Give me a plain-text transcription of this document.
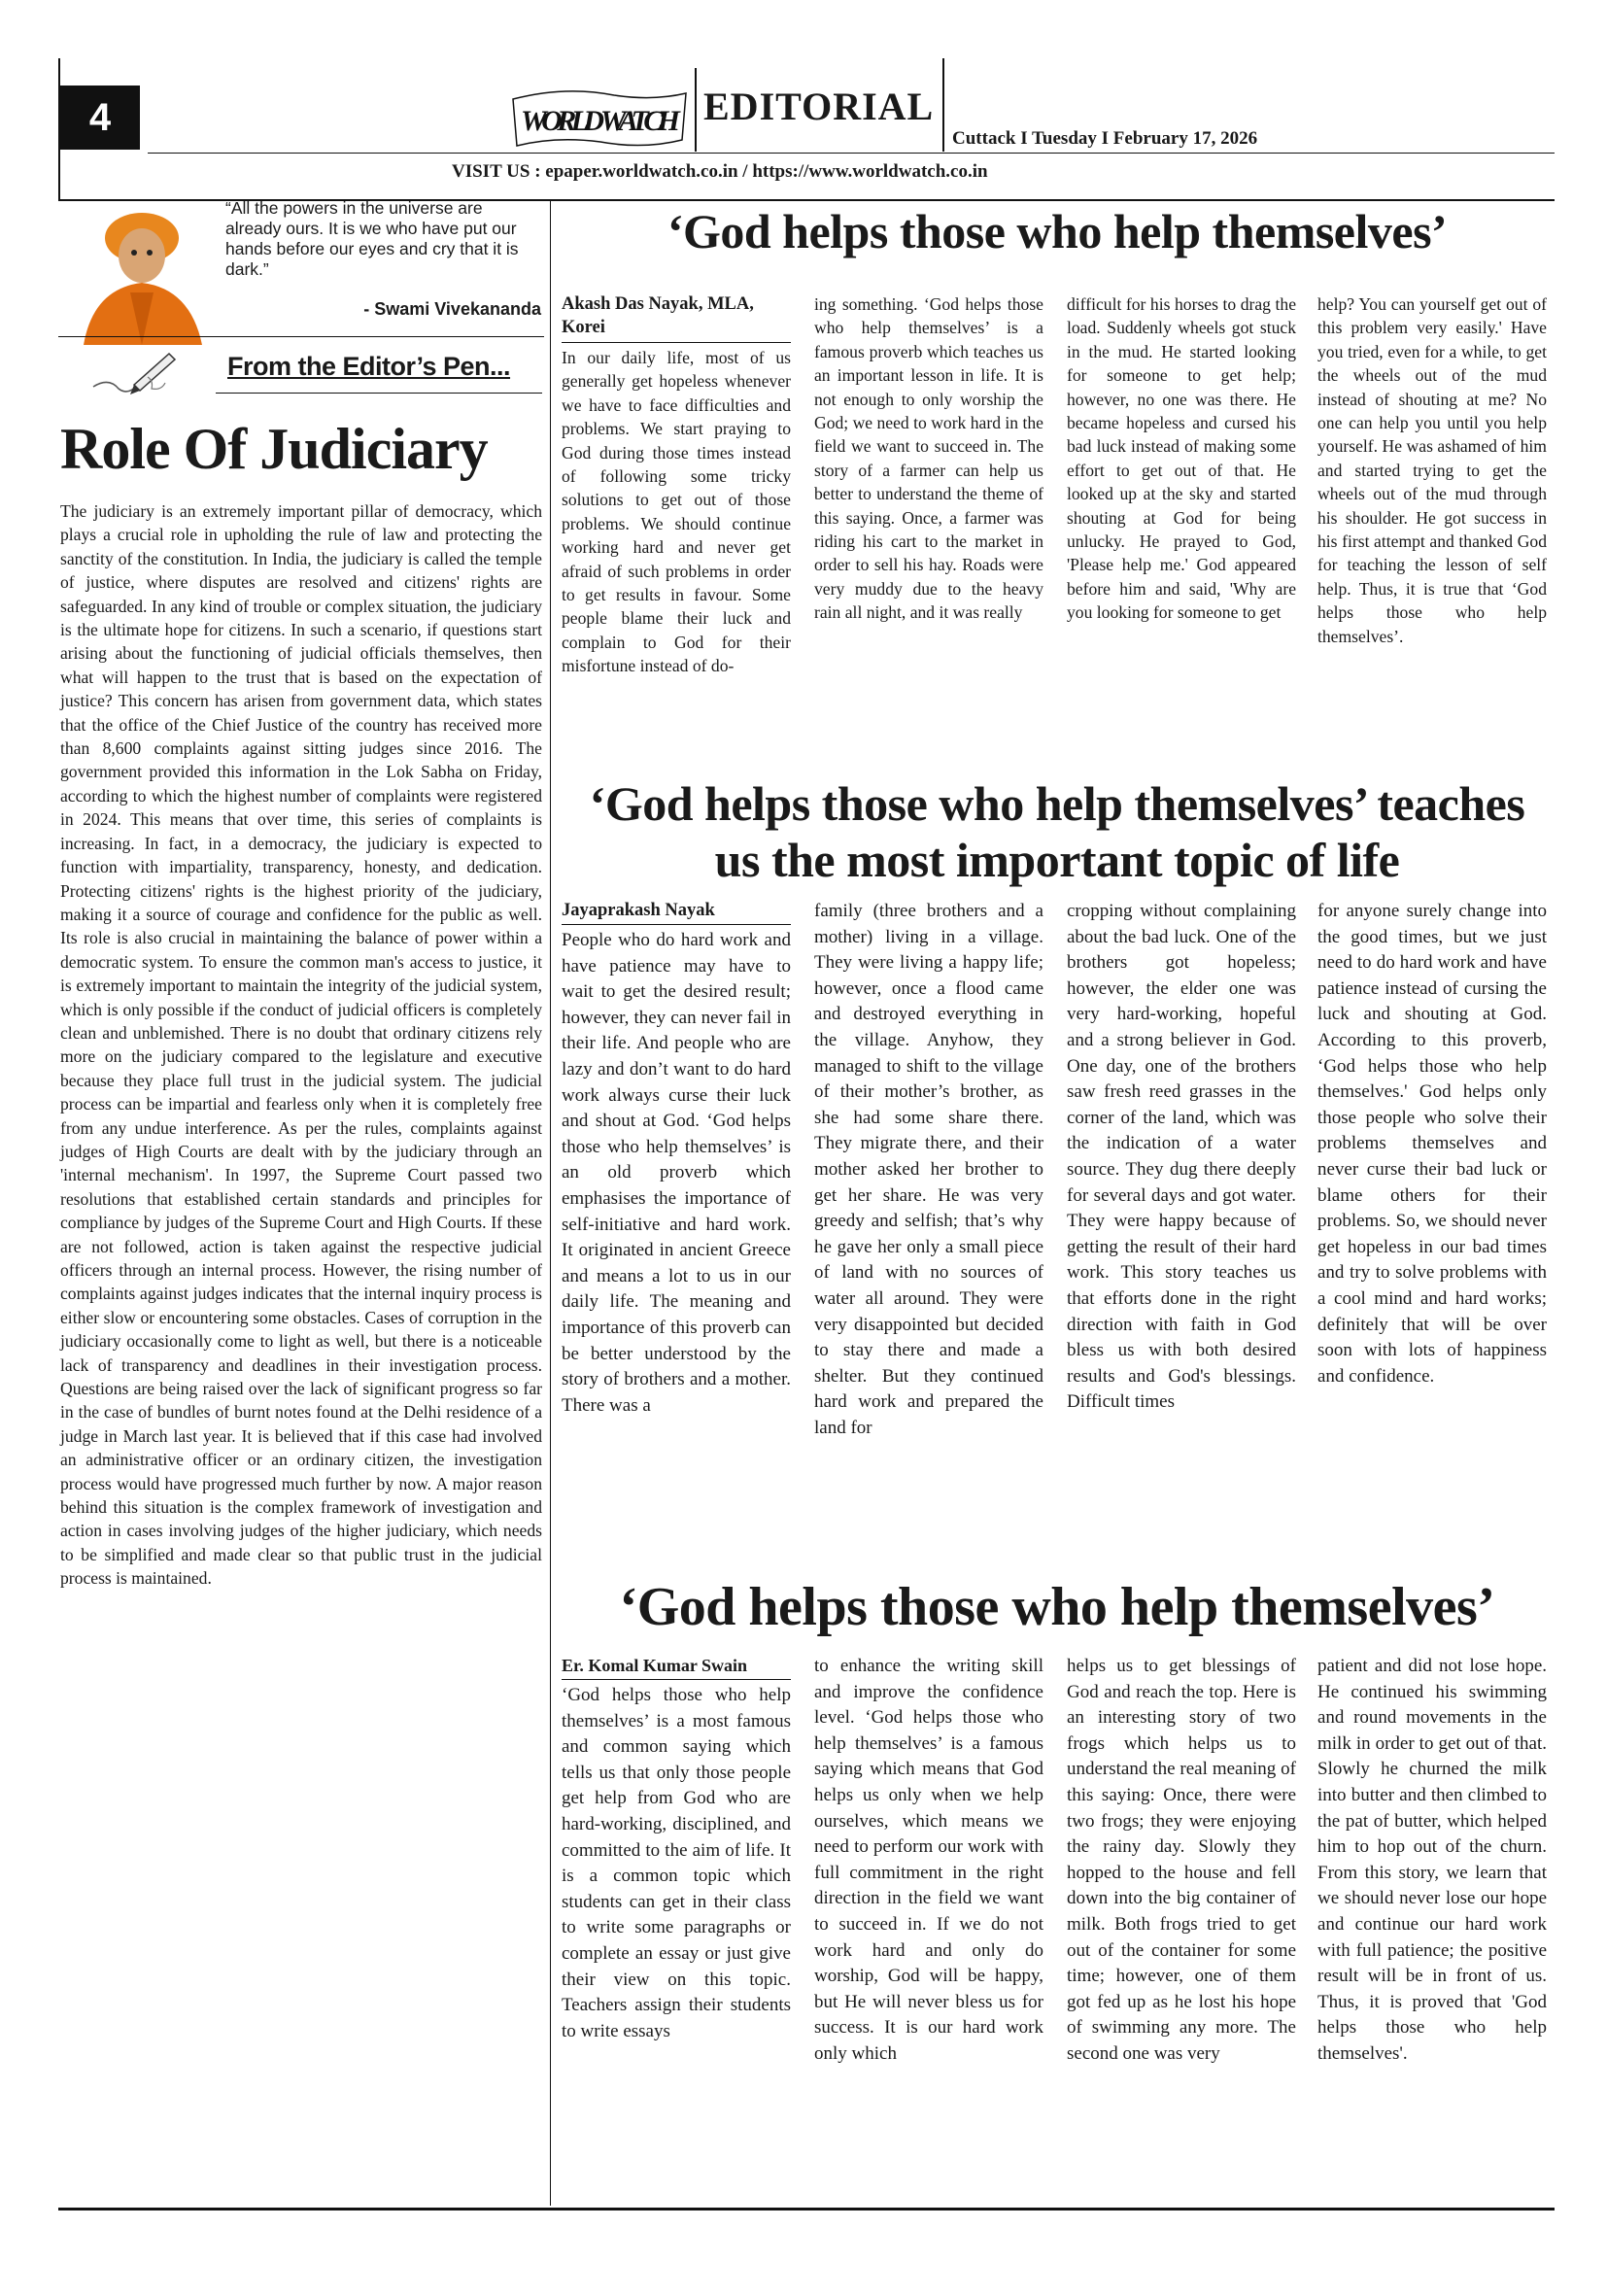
4	WORLD WATCH EDITORIAL
Cuttack I Tuesday I February 17, 2026
VISIT US : epaper.worldwatch.co.in / https://www.worldwatch.co.in
“All the powers in the universe are already ours. It is we who have put our hands before our eyes and cry that it is dark.”
- Swami Vivekananda
From the Editor’s Pen...
Role Of Judiciary
The judiciary is an extremely important pillar of democracy, which plays a crucial role in upholding the rule of law and protecting the sanctity of the constitution. In India, the judiciary is called the temple of justice, where disputes are resolved and citizens' rights are safeguarded. In any kind of trouble or complex situation, the judiciary is the ultimate hope for citizens. In such a scenario, if questions start arising about the functioning of judicial officials themselves, then what will happen to the trust that is based on the expectation of justice? This concern has arisen from government data, which states that the office of the Chief Justice of the country has received more than 8,600 complaints against sitting judges since 2016. The government provided this information in the Lok Sabha on Friday, according to which the highest number of complaints were registered in 2024. This means that over time, this series of complaints is increasing. In fact, in a democracy, the judiciary is expected to function with impartiality, transparency, honesty, and dedication. Protecting citizens' rights is the highest priority of the judiciary, making it a source of courage and confidence for the public as well. Its role is also crucial in maintaining the balance of power within a democratic system. To ensure the common man's access to justice, it is extremely important to maintain the integrity of the judicial system, which is only possible if the conduct of judicial officers is completely clean and unblemished. There is no doubt that ordinary citizens rely more on the judiciary compared to the legislature and executive because they place full trust in the judicial system. The judicial process can be impartial and fearless only when it is completely free from any undue interference. As per the rules, complaints against judges of High Courts are dealt with by the judiciary through an 'internal mechanism'. In 1997, the Supreme Court passed two resolutions that established certain standards and principles for compliance by judges of the Supreme Court and High Courts. If these are not followed, action is taken against the respective judicial officers through an internal process. However, the rising number of complaints against judges indicates that the internal inquiry process is either slow or encountering some obstacles. Cases of corruption in the judiciary occasionally come to light as well, but there is a noticeable lack of transparency and deadlines in their investigation process. Questions are being raised over the lack of significant progress so far in the case of bundles of burnt notes found at the Delhi residence of a judge in March last year. It is believed that if this case had involved an administrative officer or an ordinary citizen, the investigation process would have progressed much further by now. A major reason behind this situation is the complex framework of investigation and action in cases involving judges of the higher judiciary, which needs to be simplified and made clear so that public trust in the judicial process is maintained.
‘God helps those who help themselves’
Akash Das Nayak, MLA, Korei
In our daily life, most of us generally get hopeless whenever we have to face difficulties and problems. We start praying to God during those times instead of following some tricky solutions to get out of those problems. We should continue working hard and never get afraid of such problems in order to get results in favour. Some people blame their luck and complain to God for their misfortune instead of do-
ing something. ‘God helps those who help themselves’ is a famous proverb which teaches us an important lesson in life. It is not enough to only worship the God; we need to work hard in the field we want to succeed in. The story of a farmer can help us better to understand the theme of this saying. Once, a farmer was riding his cart to the market in order to sell his hay. Roads were very muddy due to the heavy rain all night, and it was really
difficult for his horses to drag the load. Suddenly wheels got stuck in the mud. He started looking for someone to get help; however, no one was there. He became hopeless and cursed his bad luck instead of making some effort to get out of that. He looked up at the sky and started shouting at God for being unlucky. He prayed to God, 'Please help me.' God appeared before him and said, 'Why are you looking for someone to get
help? You can yourself get out of this problem very easily.' Have you tried, even for a while, to get the wheels out of the mud instead of shouting at me? No one can help you until you help yourself. He was ashamed of him and started trying to get the wheels out of the mud through his shoulder. He got success in his first attempt and thanked God for teaching the lesson of self help. Thus, it is true that ‘God helps those who help themselves’.
‘God helps those who help themselves’ teaches us the most important topic of life
Jayaprakash Nayak
People who do hard work and have patience may have to wait to get the desired result; however, they can never fail in their life. And people who are lazy and don’t want to do hard work always curse their luck and shout at God. ‘God helps those who help themselves’ is an old proverb which emphasises the importance of self-initiative and hard work. It originated in ancient Greece and means a lot to us in our daily life. The meaning and importance of this proverb can be better understood by the story of brothers and a mother. There was a
family (three brothers and a mother) living in a village. They were living a happy life; however, once a flood came and destroyed everything in the village. Anyhow, they managed to shift to the village of their mother’s brother, as she had some share there. They migrate there, and their mother asked her brother to get her share. He was very greedy and selfish; that’s why he gave her only a small piece of land with no sources of water all around. They were very disappointed but decided to stay there and made a shelter. But they continued hard work and prepared the land for
cropping without complaining about the bad luck. One of the brothers got hopeless; however, the elder one was very hard-working, hopeful and a strong believer in God. One day, one of the brothers saw fresh reed grasses in the corner of the land, which was the indication of a water source. They dug there deeply for several days and got water. They were happy because of getting the result of their hard work. This story teaches us that efforts done in the right direction with faith in God bless us with both desired results and God's blessings. Difficult times
for anyone surely change into the good times, but we just need to do hard work and have patience instead of cursing the luck and shouting at God. According to this proverb, ‘God helps those who help themselves.' God helps only those people who solve their problems themselves and never curse their bad luck or blame others for their problems. So, we should never get hopeless in our bad times and try to solve problems with a cool mind and hard works; definitely that will be over soon with lots of happiness and confidence.
‘God helps those who help themselves’
Er. Komal Kumar Swain
‘God helps those who help themselves’ is a most famous and common saying which tells us that only those people get help from God who are hard-working, disciplined, and committed to the aim of life. It is a common topic which students can get in their class to write some paragraphs or complete an essay or just give their view on this topic. Teachers assign their students to write essays
to enhance the writing skill and improve the confidence level. ‘God helps those who help themselves’ is a famous saying which means that God helps us only when we help ourselves, which means we need to perform our work with full commitment in the right direction in the field we want to succeed in. If we do not work hard and only do worship, God will be happy, but He will never bless us for success. It is our hard work only which
helps us to get blessings of God and reach the top. Here is an interesting story of two frogs which helps us to understand the real meaning of this saying: Once, there were two frogs; they were enjoying the rainy day. Slowly they hopped to the house and fell down into the big container of milk. Both frogs tried to get out of the container for some time; however, one of them got fed up as he lost his hope of swimming any more. The second one was very
patient and did not lose hope. He continued his swimming and round movements in the milk in order to get out of that. Slowly he churned the milk into butter and then climbed to the pat of butter, which helped him to hop out of the churn. From this story, we learn that we should never lose our hope and continue our hard work with full patience; the positive result will be in front of us. Thus, it is proved that 'God helps those who help themselves'.
